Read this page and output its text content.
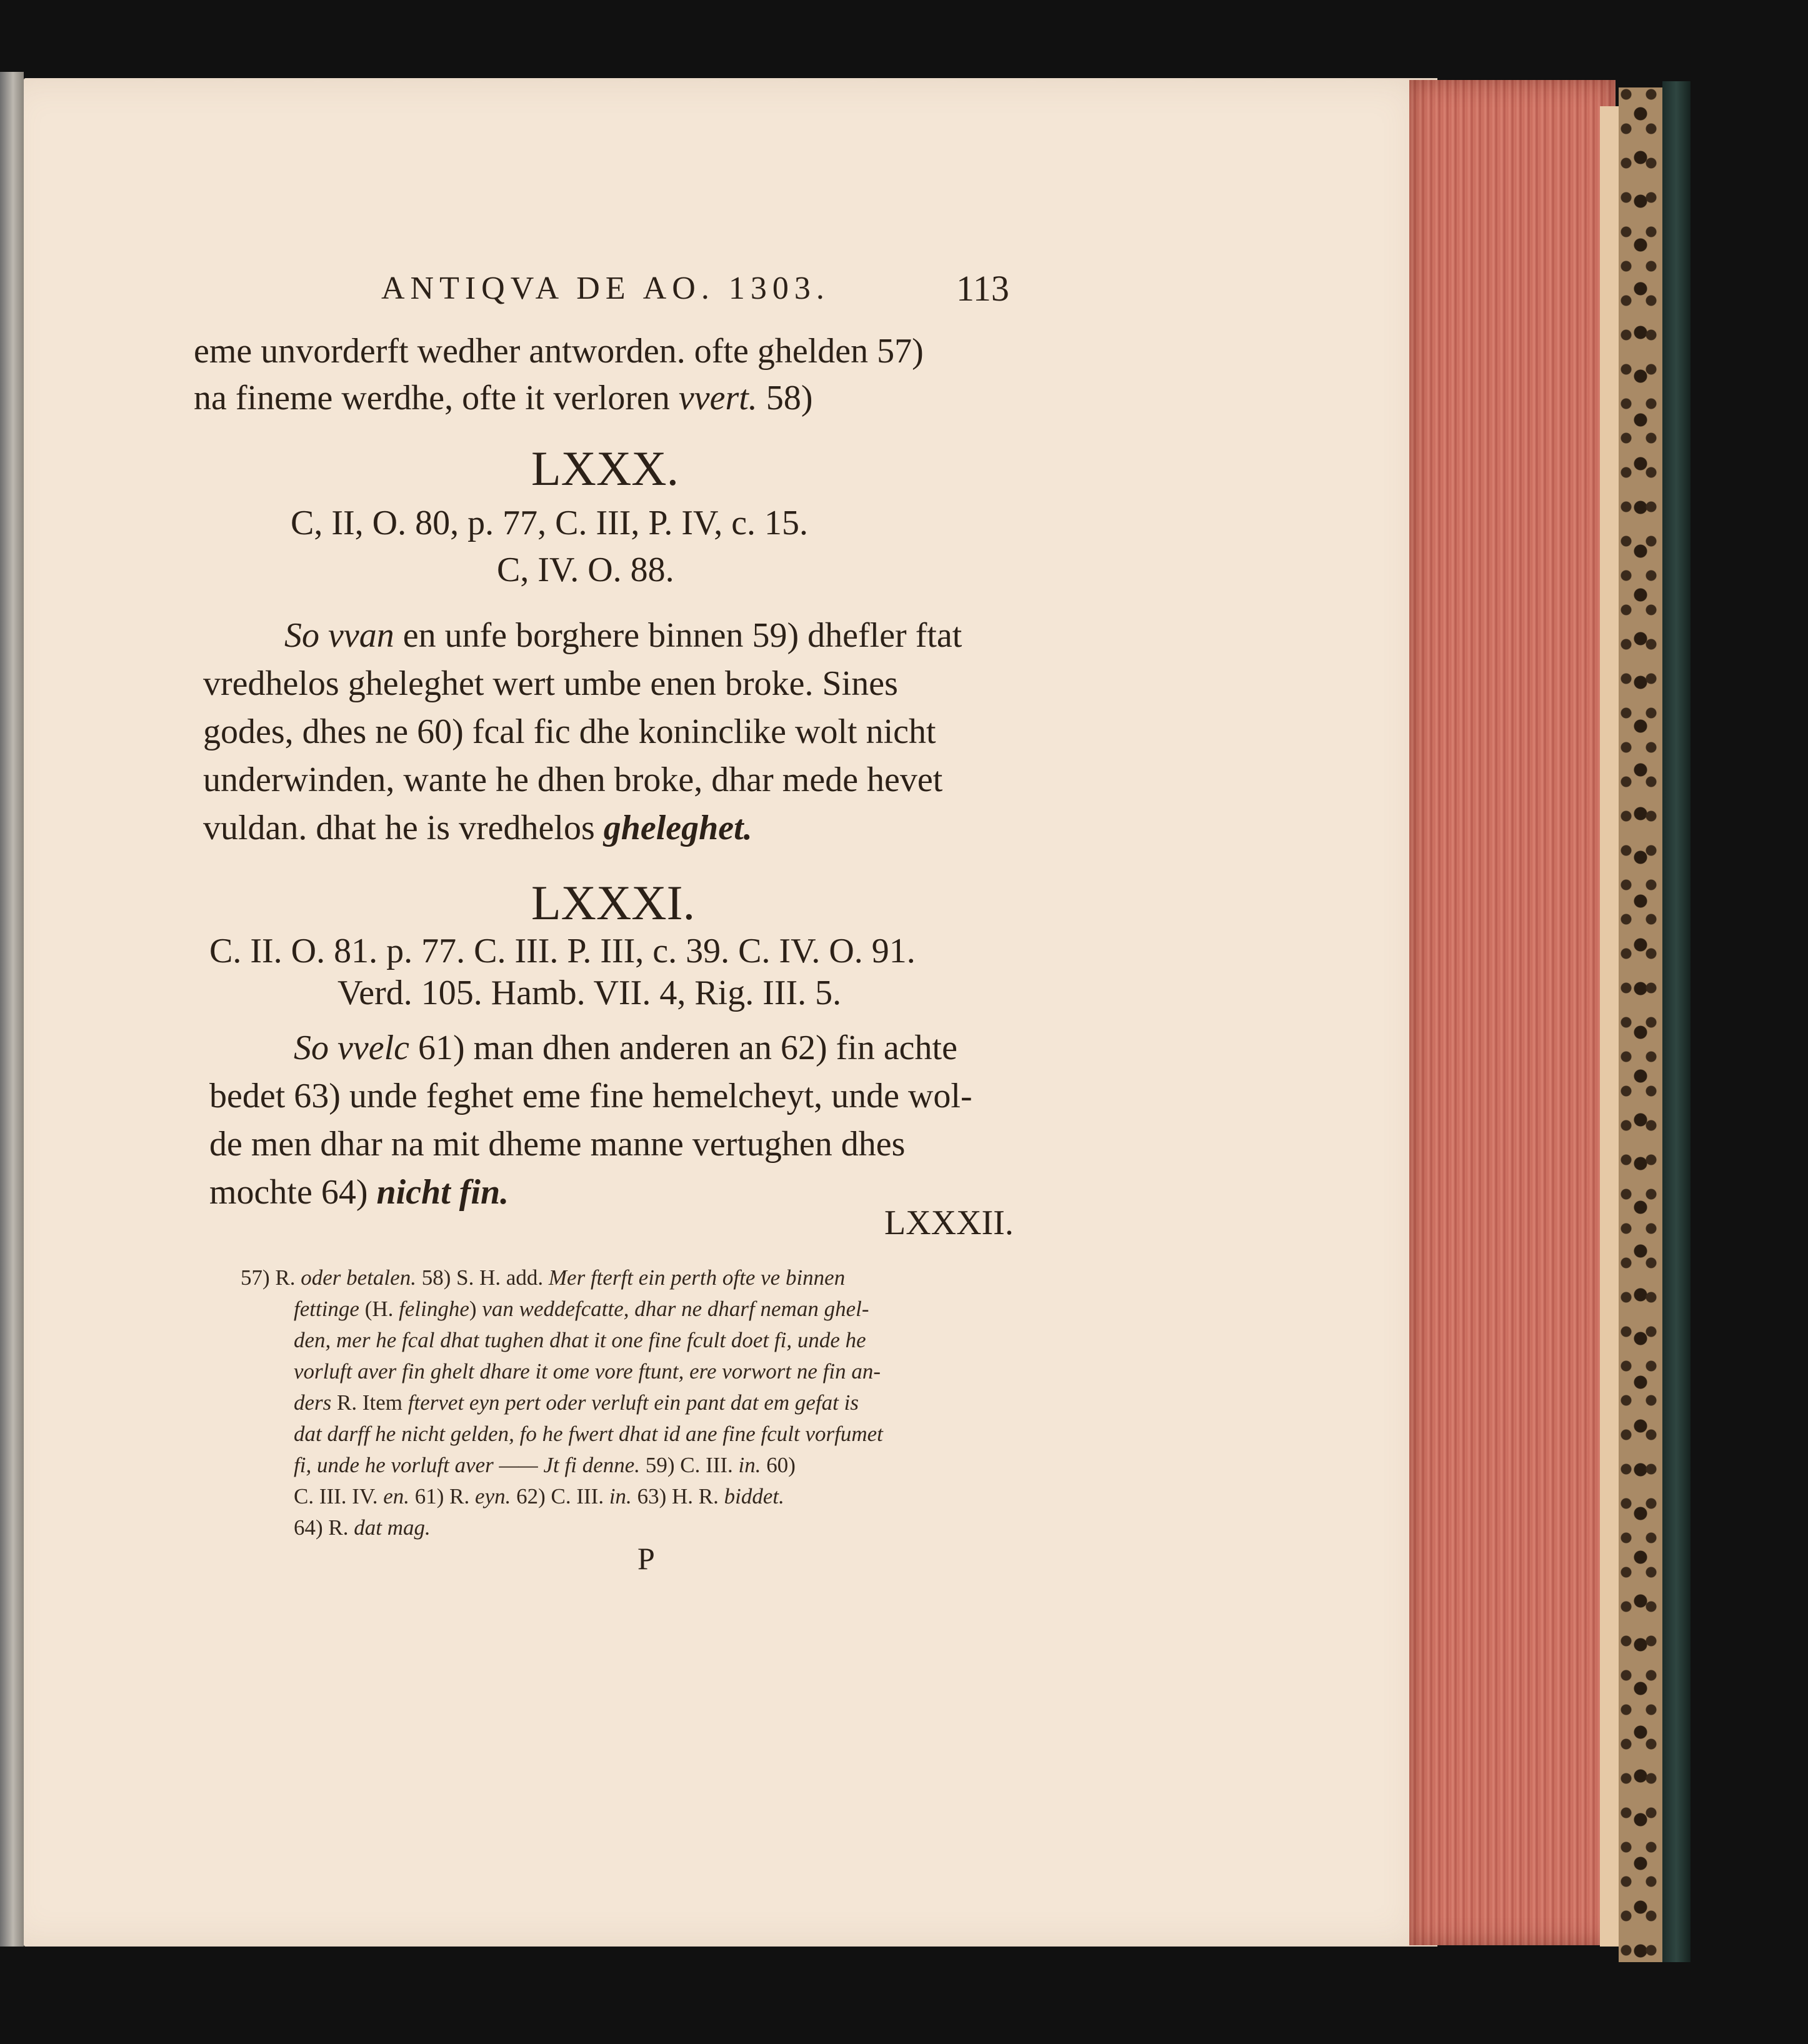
ANTIQVA DE AO. 1303.	113
eme unvorderft wedher antworden. ofte ghelden 57)
na fineme werdhe, ofte it verloren vvert. 58)
LXXX.
C, II, O. 80, p. 77, C. III, P. IV, c. 15.
C, IV. O. 88.
So vvan en unfe borghere binnen 59) dhefler ftat
vredhelos gheleghet wert umbe enen broke. Sines
godes, dhes ne 60) fcal fic dhe koninclike wolt nicht
underwinden, wante he dhen broke, dhar mede hevet
vuldan. dhat he is vredhelos gheleghet.
LXXXI.
C. II. O. 81. p. 77. C. III. P. III, c. 39. C. IV. O. 91.
Verd. 105. Hamb. VII. 4, Rig. III. 5.
So vvelc 61) man dhen anderen an 62) fin achte
bedet 63) unde feghet eme fine hemelcheyt, unde wol-
de men dhar na mit dheme manne vertughen dhes
mochte 64) nicht fin.
LXXXII.
57) R. oder betalen. 58) S. H. add. Mer fterft ein perth ofte ve binnen
fettinge (H. felinghe) van weddefcatte, dhar ne dharf neman ghel-
den, mer he fcal dhat tughen dhat it one fine fcult doet fi, unde he
vorluft aver fin ghelt dhare it ome vore ftunt, ere vorwort ne fin an-
ders R. Item ftervet eyn pert oder verluft ein pant dat em gefat is
dat darff he nicht gelden, fo he fwert dhat id ane fine fcult vorfumet
fi, unde he vorluft aver —— Jt fi denne. 59) C. III. in. 60)
C. III. IV. en. 61) R. eyn. 62) C. III. in. 63) H. R. biddet.
64) R. dat mag.
P
